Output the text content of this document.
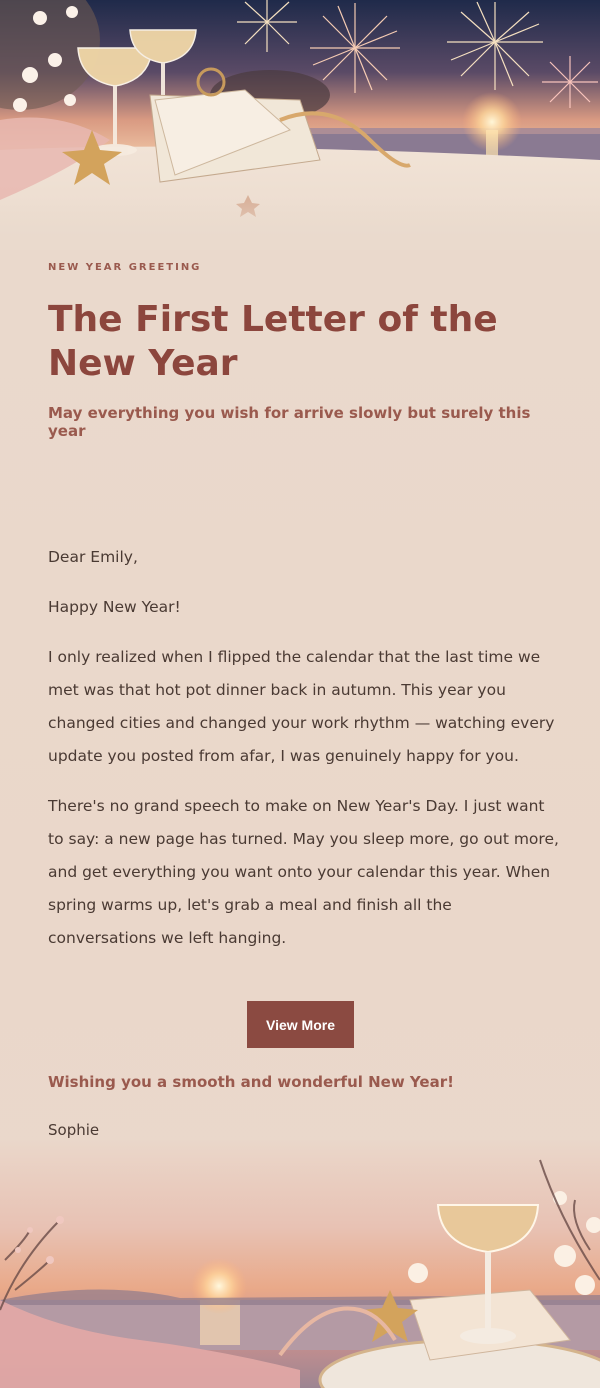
NEW YEAR GREETING
The First Letter of the New Year
May everything you wish for arrive slowly but surely this year

Dear Emily,

Happy New Year!

I only realized when I flipped the calendar that the last time we met was that hot pot dinner back in autumn. This year you changed cities and changed your work rhythm — watching every update you posted from afar, I was genuinely happy for you.

There's no grand speech to make on New Year's Day. I just want to say: a new page has turned. May you sleep more, go out more, and get everything you want onto your calendar this year. When spring warms up, let's grab a meal and finish all the conversations we left hanging.

View More
Wishing you a smooth and wonderful New Year!
Sophie
